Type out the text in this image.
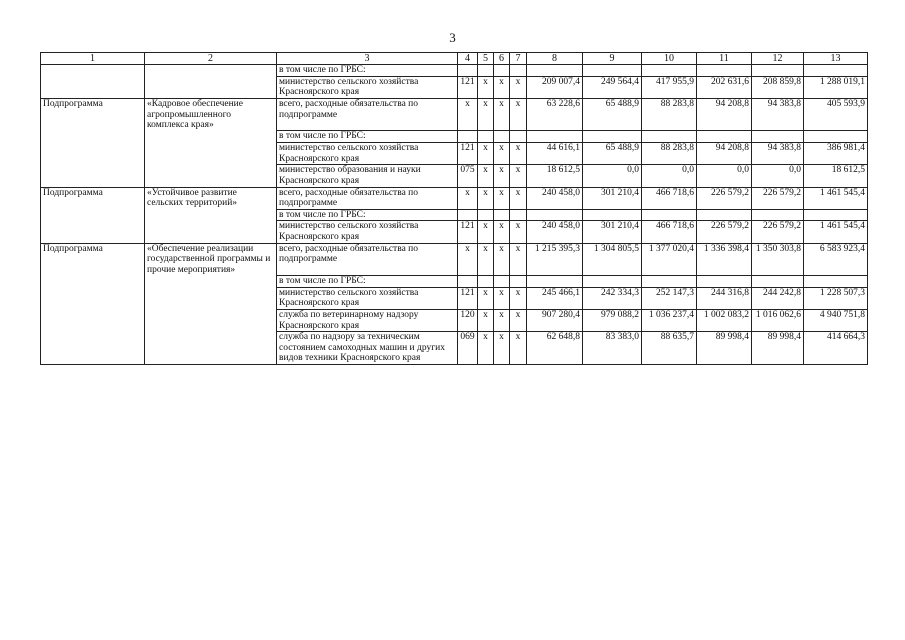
3
1	2	3	4	5	6	7	8	9	10	11	12	13
		в том числе по ГРБС:										
		министерство сельского хозяйства Красноярского края	121	x	x	x	209 007,4	249 564,4	417 955,9	202 631,6	208 859,8	1 288 019,1
Подпрограмма	«Кадровое обеспечение агропромышленного комплекса края»	всего, расходные обязательства по подпрограмме	x	x	x	x	63 228,6	65 488,9	88 283,8	94 208,8	94 383,8	405 593,9
		в том числе по ГРБС:										
		министерство сельского хозяйства Красноярского края	121	x	x	x	44 616,1	65 488,9	88 283,8	94 208,8	94 383,8	386 981,4
		министерство образования и науки Красноярского края	075	x	x	x	18 612,5	0,0	0,0	0,0	0,0	18 612,5
Подпрограмма	«Устойчивое развитие сельских территорий»	всего, расходные обязательства по подпрограмме	x	x	x	x	240 458,0	301 210,4	466 718,6	226 579,2	226 579,2	1 461 545,4
		в том числе по ГРБС:										
		министерство сельского хозяйства Красноярского края	121	x	x	x	240 458,0	301 210,4	466 718,6	226 579,2	226 579,2	1 461 545,4
Подпрограмма	«Обеспечение реализации государственной программы и прочие мероприятия»	всего, расходные обязательства по подпрограмме	x	x	x	x	1 215 395,3	1 304 805,5	1 377 020,4	1 336 398,4	1 350 303,8	6 583 923,4
		в том числе по ГРБС:										
		министерство сельского хозяйства Красноярского края	121	x	x	x	245 466,1	242 334,3	252 147,3	244 316,8	244 242,8	1 228 507,3
		служба по ветеринарному надзору Красноярского края	120	x	x	x	907 280,4	979 088,2	1 036 237,4	1 002 083,2	1 016 062,6	4 940 751,8
		служба по надзору за техническим состоянием самоходных машин и других видов техники Красноярского края	069	x	x	x	62 648,8	83 383,0	88 635,7	89 998,4	89 998,4	414 664,3
